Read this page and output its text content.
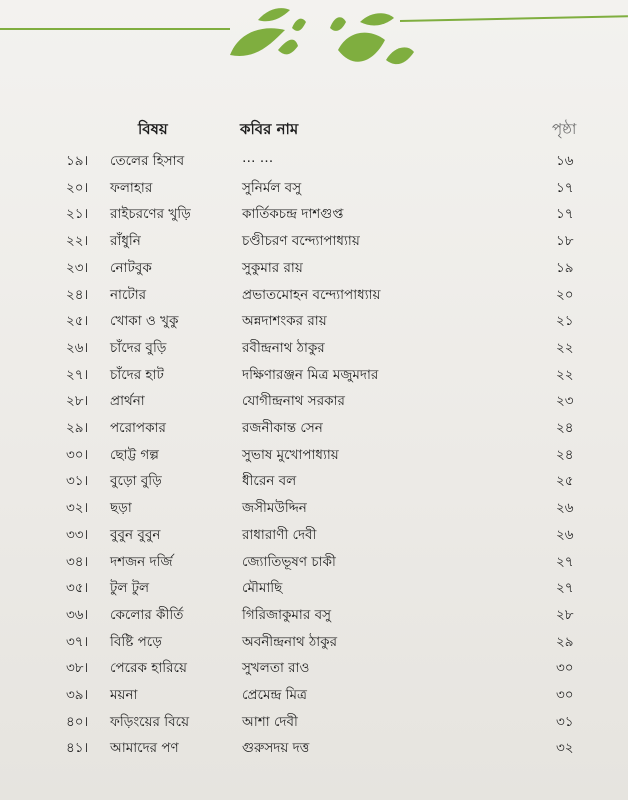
বিষয়	কবির নাম	পৃষ্ঠা
১৯। তেলের হিসাব	… …	১৬
২০। ফলাহার	সুনির্মল বসু	১৭
২১। রাইচরণের খুড়ি	কার্তিকচন্দ্র দাশগুপ্ত	১৭
২২। রাঁধুনি	চণ্ডীচরণ বন্দ্যোপাধ্যায়	১৮
২৩। নোটবুক	সুকুমার রায়	১৯
২৪। নাটোর	প্রভাতমোহন বন্দ্যোপাধ্যায়	২০
২৫। খোকা ও খুকু	অন্নদাশংকর রায়	২১
২৬। চাঁদের বুড়ি	রবীন্দ্রনাথ ঠাকুর	২২
২৭। চাঁদের হাট	দক্ষিণারঞ্জন মিত্র মজুমদার	২২
২৮। প্রার্থনা	যোগীন্দ্রনাথ সরকার	২৩
২৯। পরোপকার	রজনীকান্ত সেন	২৪
৩০। ছোট্ট গল্প	সুভাষ মুখোপাধ্যায়	২৪
৩১। বুড়ো বুড়ি	ধীরেন বল	২৫
৩২। ছড়া	জসীমউদ্দিন	২৬
৩৩। বুবুন বুবুন	রাধারাণী দেবী	২৬
৩৪। দশজন দর্জি	জ্যোতিভূষণ চাকী	২৭
৩৫। টুল টুল	মৌমাছি	২৭
৩৬। কেলোর কীর্তি	গিরিজাকুমার বসু	২৮
৩৭। বিষ্টি পড়ে	অবনীন্দ্রনাথ ঠাকুর	২৯
৩৮। পেরেক হারিয়ে	সুখলতা রাও	৩০
৩৯। ময়না	প্রেমেন্দ্র মিত্র	৩০
৪০। ফড়িংয়ের বিয়ে	আশা দেবী	৩১
৪১। আমাদের পণ	গুরুসদয় দত্ত	৩২
